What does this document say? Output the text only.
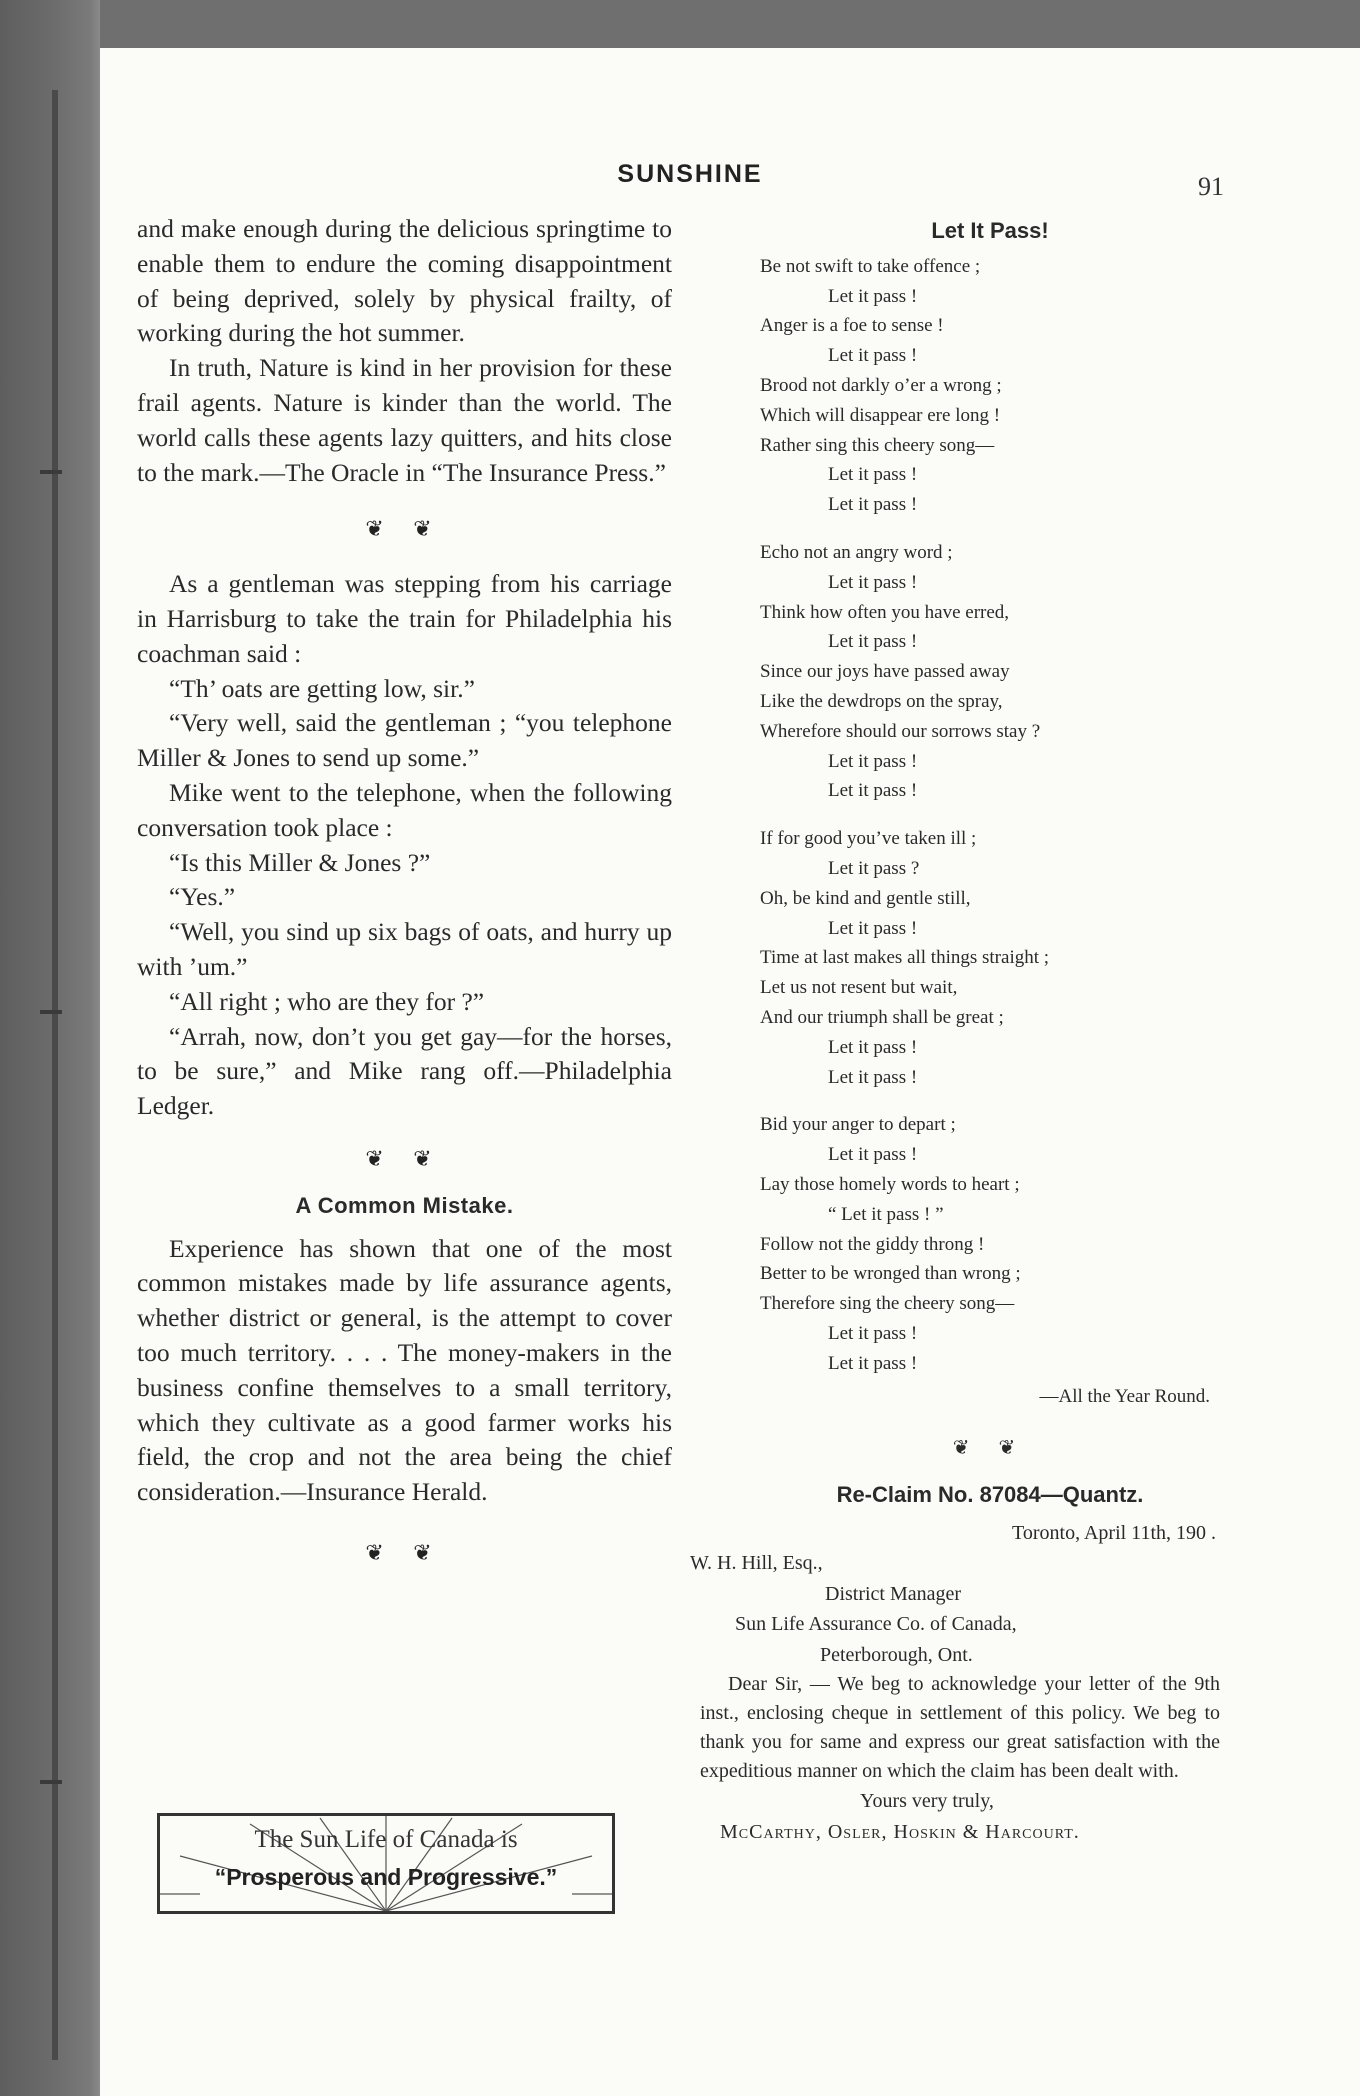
SUNSHINE	91

and make enough during the delicious springtime to enable them to endure the coming disappointment of being deprived, solely by physical frailty, of working during the hot summer.

In truth, Nature is kind in her provision for these frail agents. Nature is kinder than the world. The world calls these agents lazy quitters, and hits close to the mark.—The Oracle in “The Insurance Press.”

❦ ❦

As a gentleman was stepping from his carriage in Harrisburg to take the train for Philadelphia his coachman said :

“Th’ oats are getting low, sir.”

“Very well, said the gentleman ; “you telephone Miller & Jones to send up some.”

Mike went to the telephone, when the following conversation took place :

“Is this Miller & Jones ?”

“Yes.”

“Well, you sind up six bags of oats, and hurry up with ’um.”

“All right ; who are they for ?”

“Arrah, now, don’t you get gay—for the horses, to be sure,” and Mike rang off.—Philadelphia Ledger.

❦ ❦
A Common Mistake.

Experience has shown that one of the most common mistakes made by life assurance agents, whether district or general, is the attempt to cover too much territory. . . . The money-makers in the business confine themselves to a small territory, which they cultivate as a good farmer works his field, the crop and not the area being the chief consideration.—Insurance Herald.

❦ ❦
The Sun Life of Canada is
“Prosperous and Progressive.”
Let It Pass!
Be not swift to take offence ;
Let it pass !
Anger is a foe to sense !
Let it pass !
Brood not darkly o’er a wrong ;
Which will disappear ere long !
Rather sing this cheery song—
Let it pass !
Let it pass !
Echo not an angry word ;
Let it pass !
Think how often you have erred,
Let it pass !
Since our joys have passed away
Like the dewdrops on the spray,
Wherefore should our sorrows stay ?
Let it pass !
Let it pass !
If for good you’ve taken ill ;
Let it pass ?
Oh, be kind and gentle still,
Let it pass !
Time at last makes all things straight ;
Let us not resent but wait,
And our triumph shall be great ;
Let it pass !
Let it pass !
Bid your anger to depart ;
Let it pass !
Lay those homely words to heart ;
“ Let it pass ! ”
Follow not the giddy throng !
Better to be wronged than wrong ;
Therefore sing the cheery song—
Let it pass !
Let it pass !
—All the Year Round.
❦ ❦
Re-Claim No. 87084—Quantz.
Toronto, April 11th, 190 .
W. H. Hill, Esq.,
District Manager
Sun Life Assurance Co. of Canada,
Peterborough, Ont.
Dear Sir, — We beg to acknowledge your letter of the 9th inst., enclosing cheque in settlement of this policy. We beg to thank you for same and express our great satisfaction with the expeditious manner on which the claim has been dealt with.
Yours very truly,
McCarthy, Osler, Hoskin & Harcourt.
